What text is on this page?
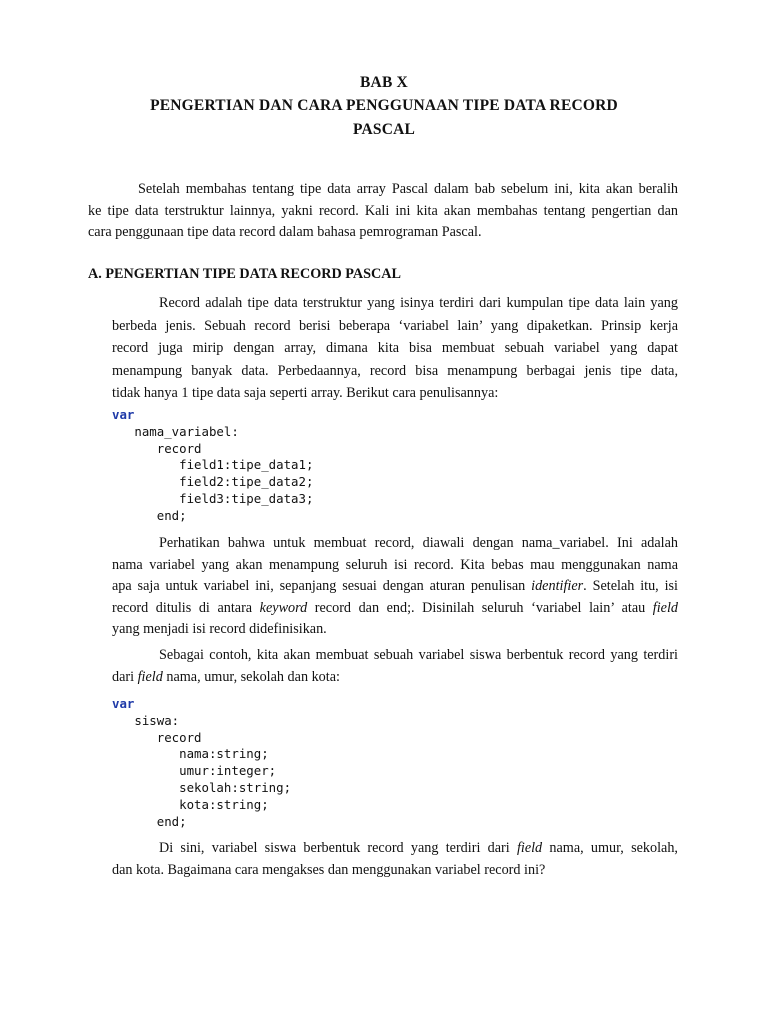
BAB X
PENGERTIAN DAN CARA PENGGUNAAN TIPE DATA RECORD
PASCAL
Setelah membahas tentang tipe data array Pascal dalam bab sebelum ini, kita akan beralih
ke tipe data terstruktur lainnya, yakni record. Kali ini kita akan membahas tentang pengertian dan
cara penggunaan tipe data record dalam bahasa pemrograman Pascal.
A. PENGERTIAN TIPE DATA RECORD PASCAL
Record adalah tipe data terstruktur yang isinya terdiri dari kumpulan tipe data lain yang
berbeda jenis. Sebuah record berisi beberapa ‘variabel lain’ yang dipaketkan. Prinsip kerja
record juga mirip dengan array, dimana kita bisa membuat sebuah variabel yang dapat
menampung banyak data. Perbedaannya, record bisa menampung berbagai jenis tipe data,
tidak hanya 1 tipe data saja seperti array. Berikut cara penulisannya:
var
nama_variabel:
record
field1:tipe_data1;
field2:tipe_data2;
field3:tipe_data3;
end;
Perhatikan bahwa untuk membuat record, diawali dengan nama_variabel. Ini adalah
nama variabel yang akan menampung seluruh isi record. Kita bebas mau menggunakan nama
apa saja untuk variabel ini, sepanjang sesuai dengan aturan penulisan identifier. Setelah itu, isi
record ditulis di antara keyword record dan end;. Disinilah seluruh ‘variabel lain’ atau field
yang menjadi isi record didefinisikan.
Sebagai contoh, kita akan membuat sebuah variabel siswa berbentuk record yang terdiri
dari field nama, umur, sekolah dan kota:
var
siswa:
record
nama:string;
umur:integer;
sekolah:string;
kota:string;
end;
Di sini, variabel siswa berbentuk record yang terdiri dari field nama, umur, sekolah,
dan kota. Bagaimana cara mengakses dan menggunakan variabel record ini?
